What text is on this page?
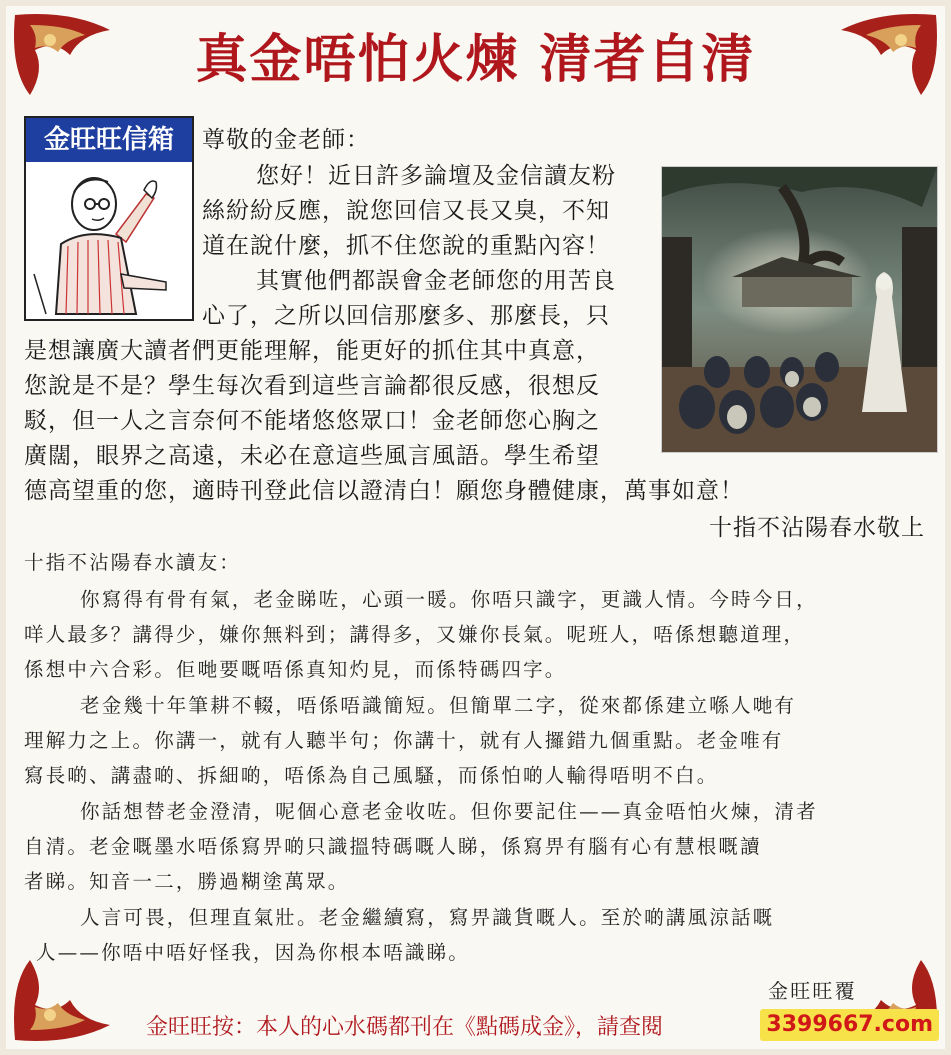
真金唔怕火煉 清者自清
金旺旺信箱	尊敬的金老師：
您好！近日許多論壇及金信讀友粉
絲紛紛反應，說您回信又長又臭，不知
道在說什麼，抓不住您說的重點內容！
其實他們都誤會金老師您的用苦良
心了，之所以回信那麼多、那麼長，只
是想讓廣大讀者們更能理解，能更好的抓住其中真意，
您說是不是？學生每次看到這些言論都很反感，很想反
駁，但一人之言奈何不能堵悠悠眾口！金老師您心胸之
廣闊，眼界之高遠，未必在意這些風言風語。學生希望
德高望重的您，適時刊登此信以證清白！願您身體健康，萬事如意！
十指不沾陽春水敬上
十指不沾陽春水讀友：
你寫得有骨有氣，老金睇咗，心頭一暖。你唔只識字，更識人情。今時今日，
咩人最多？講得少，嫌你無料到；講得多，又嫌你長氣。呢班人，唔係想聽道理，
係想中六合彩。佢哋要嘅唔係真知灼見，而係特碼四字。
老金幾十年筆耕不輟，唔係唔識簡短。但簡單二字，從來都係建立喺人哋有
理解力之上。你講一，就有人聽半句；你講十，就有人攞錯九個重點。老金唯有
寫長啲、講盡啲、拆細啲，唔係為自己風騷，而係怕啲人輸得唔明不白。
你話想替老金澄清，呢個心意老金收咗。但你要記住——真金唔怕火煉，清者
自清。老金嘅墨水唔係寫畀啲只識搵特碼嘅人睇，係寫畀有腦有心有慧根嘅讀
者睇。知音一二，勝過糊塗萬眾。
人言可畏，但理直氣壯。老金繼續寫，寫畀識貨嘅人。至於啲講風涼話嘅
人——你唔中唔好怪我，因為你根本唔識睇。
金旺旺覆
金旺旺按：本人的心水碼都刊在《點碼成金》，請查閱	3399667.com
